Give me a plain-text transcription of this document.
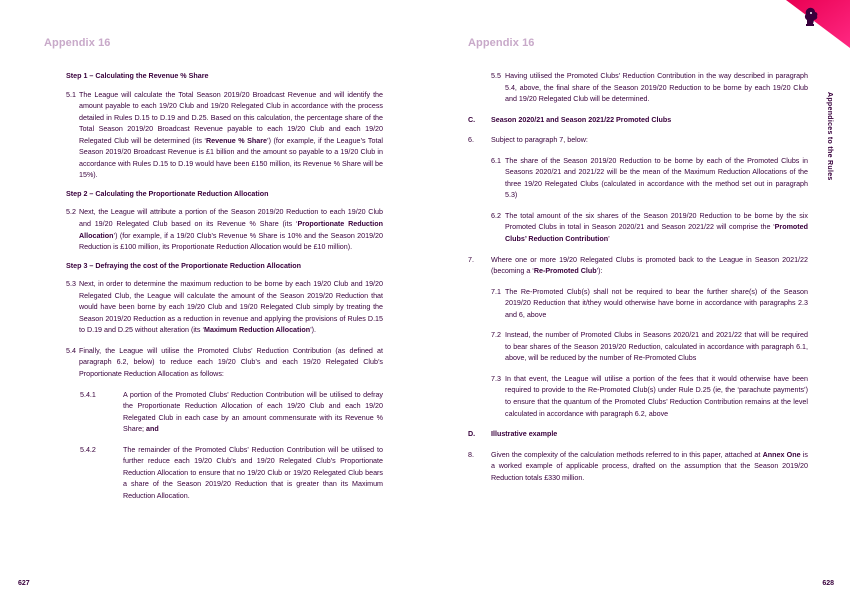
Appendix 16
Step 1 – Calculating the Revenue % Share
5.1 The League will calculate the Total Season 2019/20 Broadcast Revenue and will identify the amount payable to each 19/20 Club and 19/20 Relegated Club in accordance with the process detailed in Rules D.15 to D.19 and D.25. Based on this calculation, the percentage share of the Total Season 2019/20 Broadcast Revenue payable to each 19/20 Club and each 19/20 Relegated Club will be determined (its ‘Revenue % Share’) (for example, if the League’s Total Season 2019/20 Broadcast Revenue is £1 billion and the amount so payable to a 19/20 Club in accordance with Rules D.15 to D.19 would have been £150 million, its Revenue % Share will be 15%).
Step 2 – Calculating the Proportionate Reduction Allocation
5.2 Next, the League will attribute a portion of the Season 2019/20 Reduction to each 19/20 Club and 19/20 Relegated Club based on its Revenue % Share (its ‘Proportionate Reduction Allocation’) (for example, if a 19/20 Club’s Revenue % Share is 10% and the Season 2019/20 Reduction is £100 million, its Proportionate Reduction Allocation would be £10 million).
Step 3 – Defraying the cost of the Proportionate Reduction Allocation
5.3 Next, in order to determine the maximum reduction to be borne by each 19/20 Club and 19/20 Relegated Club, the League will calculate the amount of the Season 2019/20 Reduction that would have been borne by each 19/20 Club and 19/20 Relegated Club simply by treating the Season 2019/20 Reduction as a reduction in revenue and applying the provisions of Rules D.15 to D.19 and D.25 without alteration (its ‘Maximum Reduction Allocation’).
5.4 Finally, the League will utilise the Promoted Clubs’ Reduction Contribution (as defined at paragraph 6.2, below) to reduce each 19/20 Club’s and each 19/20 Relegated Club’s Proportionate Reduction Allocation as follows:
5.4.1	A portion of the Promoted Clubs’ Reduction Contribution will be utilised to defray the Proportionate Reduction Allocation of each 19/20 Club and each 19/20 Relegated Club in each case by an amount commensurate with its Revenue % Share; and
5.4.2	The remainder of the Promoted Clubs’ Reduction Contribution will be utilised to further reduce each 19/20 Club’s and 19/20 Relegated Club’s Proportionate Reduction Allocation to ensure that no 19/20 Club or 19/20 Relegated Club bears a share of the Season 2019/20 Reduction that is greater than its Maximum Reduction Allocation.
627
Appendix 16
628
5.5 Having utilised the Promoted Clubs’ Reduction Contribution in the way described in paragraph 5.4, above, the final share of the Season 2019/20 Reduction to be borne by each 19/20 Club and 19/20 Relegated Club will be determined.
C. Season 2020/21 and Season 2021/22 Promoted Clubs
6. Subject to paragraph 7, below:
6.1 The share of the Season 2019/20 Reduction to be borne by each of the Promoted Clubs in Seasons 2020/21 and 2021/22 will be the mean of the Maximum Reduction Allocations of the three 19/20 Relegated Clubs (calculated in accordance with the method set out in paragraph 5.3)
6.2 The total amount of the six shares of the Season 2019/20 Reduction to be borne by the six Promoted Clubs in total in Season 2020/21 and Season 2021/22 will comprise the ‘Promoted Clubs’ Reduction Contribution’
7. Where one or more 19/20 Relegated Clubs is promoted back to the League in Season 2021/22 (becoming a ‘Re-Promoted Club’):
7.1 The Re-Promoted Club(s) shall not be required to bear the further share(s) of the Season 2019/20 Reduction that it/they would otherwise have borne in accordance with paragraphs 2.3 and 6, above
7.2 Instead, the number of Promoted Clubs in Seasons 2020/21 and 2021/22 that will be required to bear shares of the Season 2019/20 Reduction, calculated in accordance with paragraph 6.1, above, will be reduced by the number of Re-Promoted Clubs
7.3 In that event, the League will utilise a portion of the fees that it would otherwise have been required to provide to the Re-Promoted Club(s) under Rule D.25 (ie, the ‘parachute payments’) to ensure that the quantum of the Promoted Clubs’ Reduction Contribution remains at the level calculated in accordance with paragraph 6.2, above
D. Illustrative example
8. Given the complexity of the calculation methods referred to in this paper, attached at Annex One is a worked example of applicable process, drafted on the assumption that the Season 2019/20 Reduction totals £330 million.
Appendices to the Rules
